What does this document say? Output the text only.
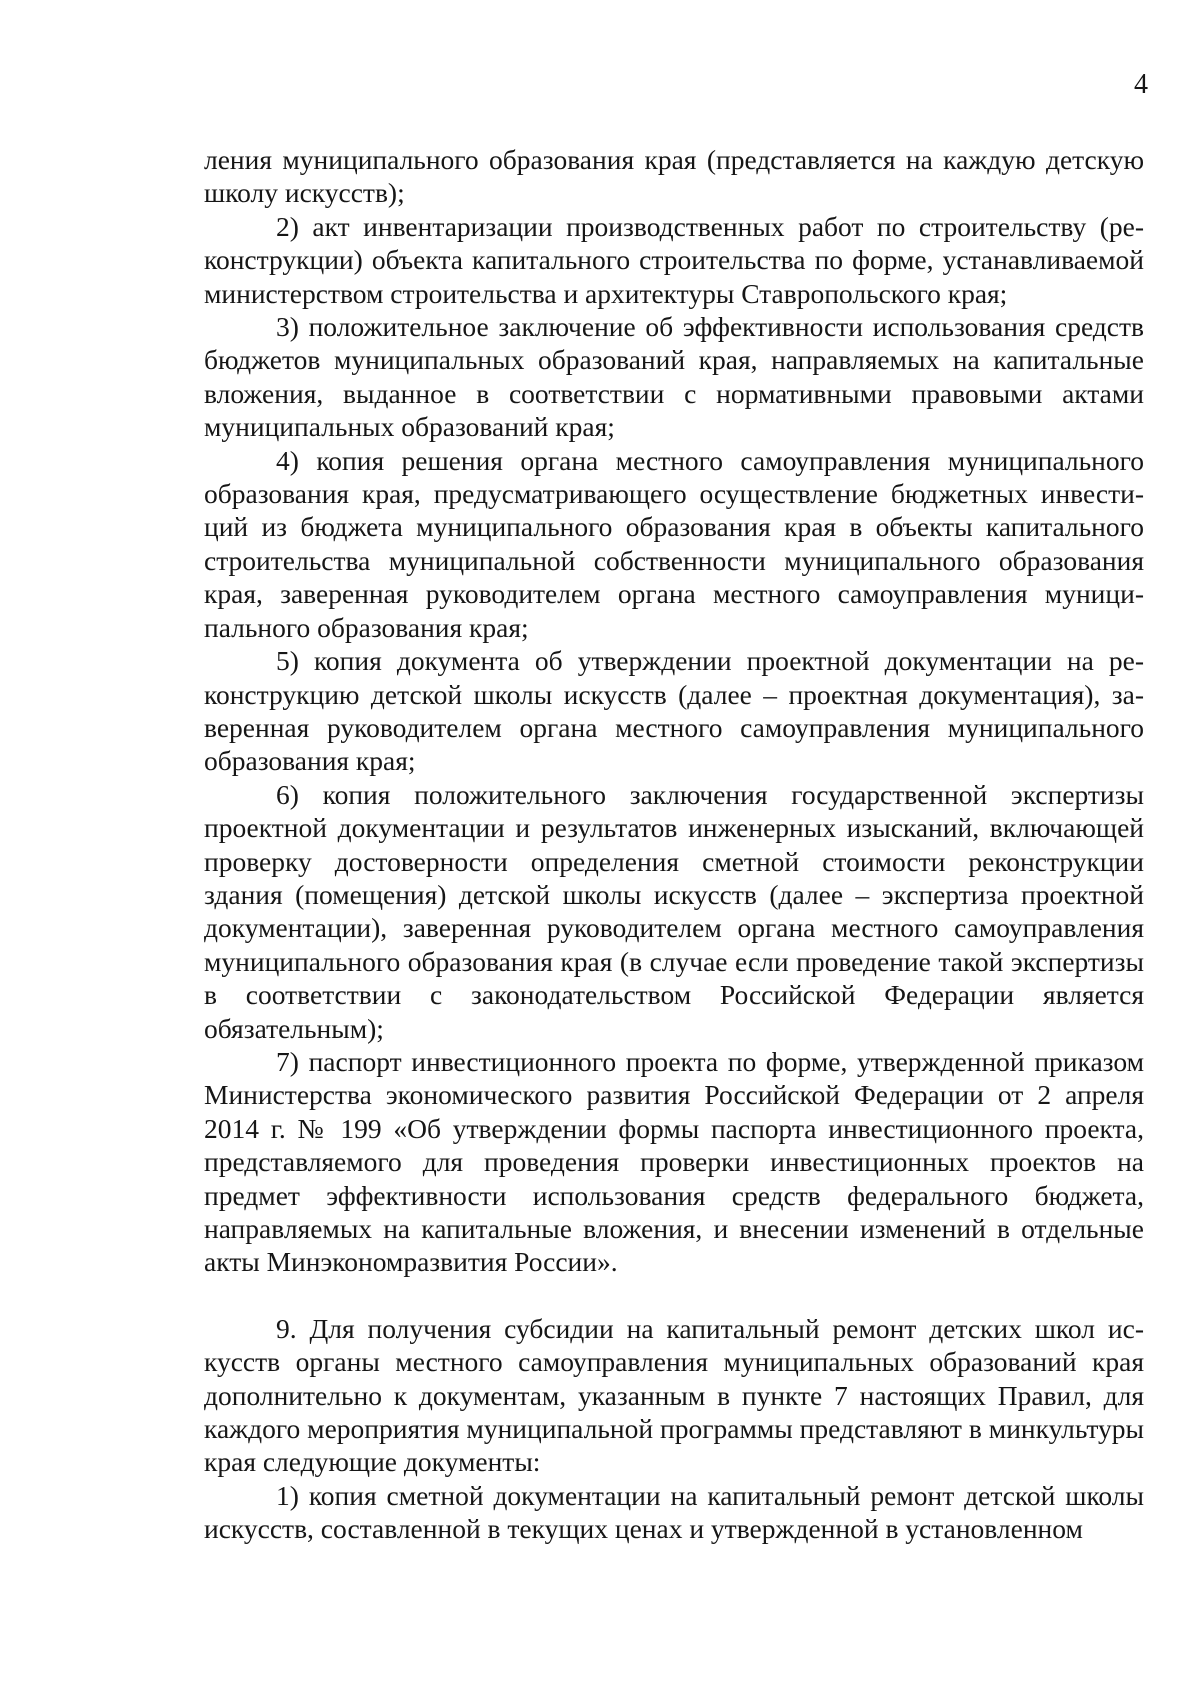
4

ления муниципального образования края (представляется на каждую детскую школу искусств);

2) акт инвентаризации производственных работ по строительству (реконструкции) объекта капитального строительства по форме, устанавливаемой министерством строительства и архитектуры Ставропольского края;

3) положительное заключение об эффективности использования средств бюджетов муниципальных образований края, направляемых на капитальные вложения, выданное в соответствии с нормативными правовыми актами муниципальных образований края;

4) копия решения органа местного самоуправления муниципального образования края, предусматривающего осуществление бюджетных инвестиций из бюджета муниципального образования края в объекты капитального строительства муниципальной собственности муниципального образования края, заверенная руководителем органа местного самоуправления муниципального образования края;

5) копия документа об утверждении проектной документации на реконструкцию детской школы искусств (далее – проектная документация), заверенная руководителем органа местного самоуправления муниципального образования края;

6) копия положительного заключения государственной экспертизы проектной документации и результатов инженерных изысканий, включающей проверку достоверности определения сметной стоимости реконструкции здания (помещения) детской школы искусств (далее – экспертиза проектной документации), заверенная руководителем органа местного самоуправления муниципального образования края (в случае если проведение такой экспертизы в соответствии с законодательством Российской Федерации является обязательным);

7) паспорт инвестиционного проекта по форме, утвержденной приказом Министерства экономического развития Российской Федерации от 2 апреля 2014 г. № 199 «Об утверждении формы паспорта инвестиционного проекта, представляемого для проведения проверки инвестиционных проектов на предмет эффективности использования средств федерального бюджета, направляемых на капитальные вложения, и внесении изменений в отдельные акты Минэкономразвития России».

9. Для получения субсидии на капитальный ремонт детских школ искусств органы местного самоуправления муниципальных образований края дополнительно к документам, указанным в пункте 7 настоящих Правил, для каждого мероприятия муниципальной программы представляют в минкультуры края следующие документы:

1) копия сметной документации на капитальный ремонт детской школы искусств, составленной в текущих ценах и утвержденной в установленном
